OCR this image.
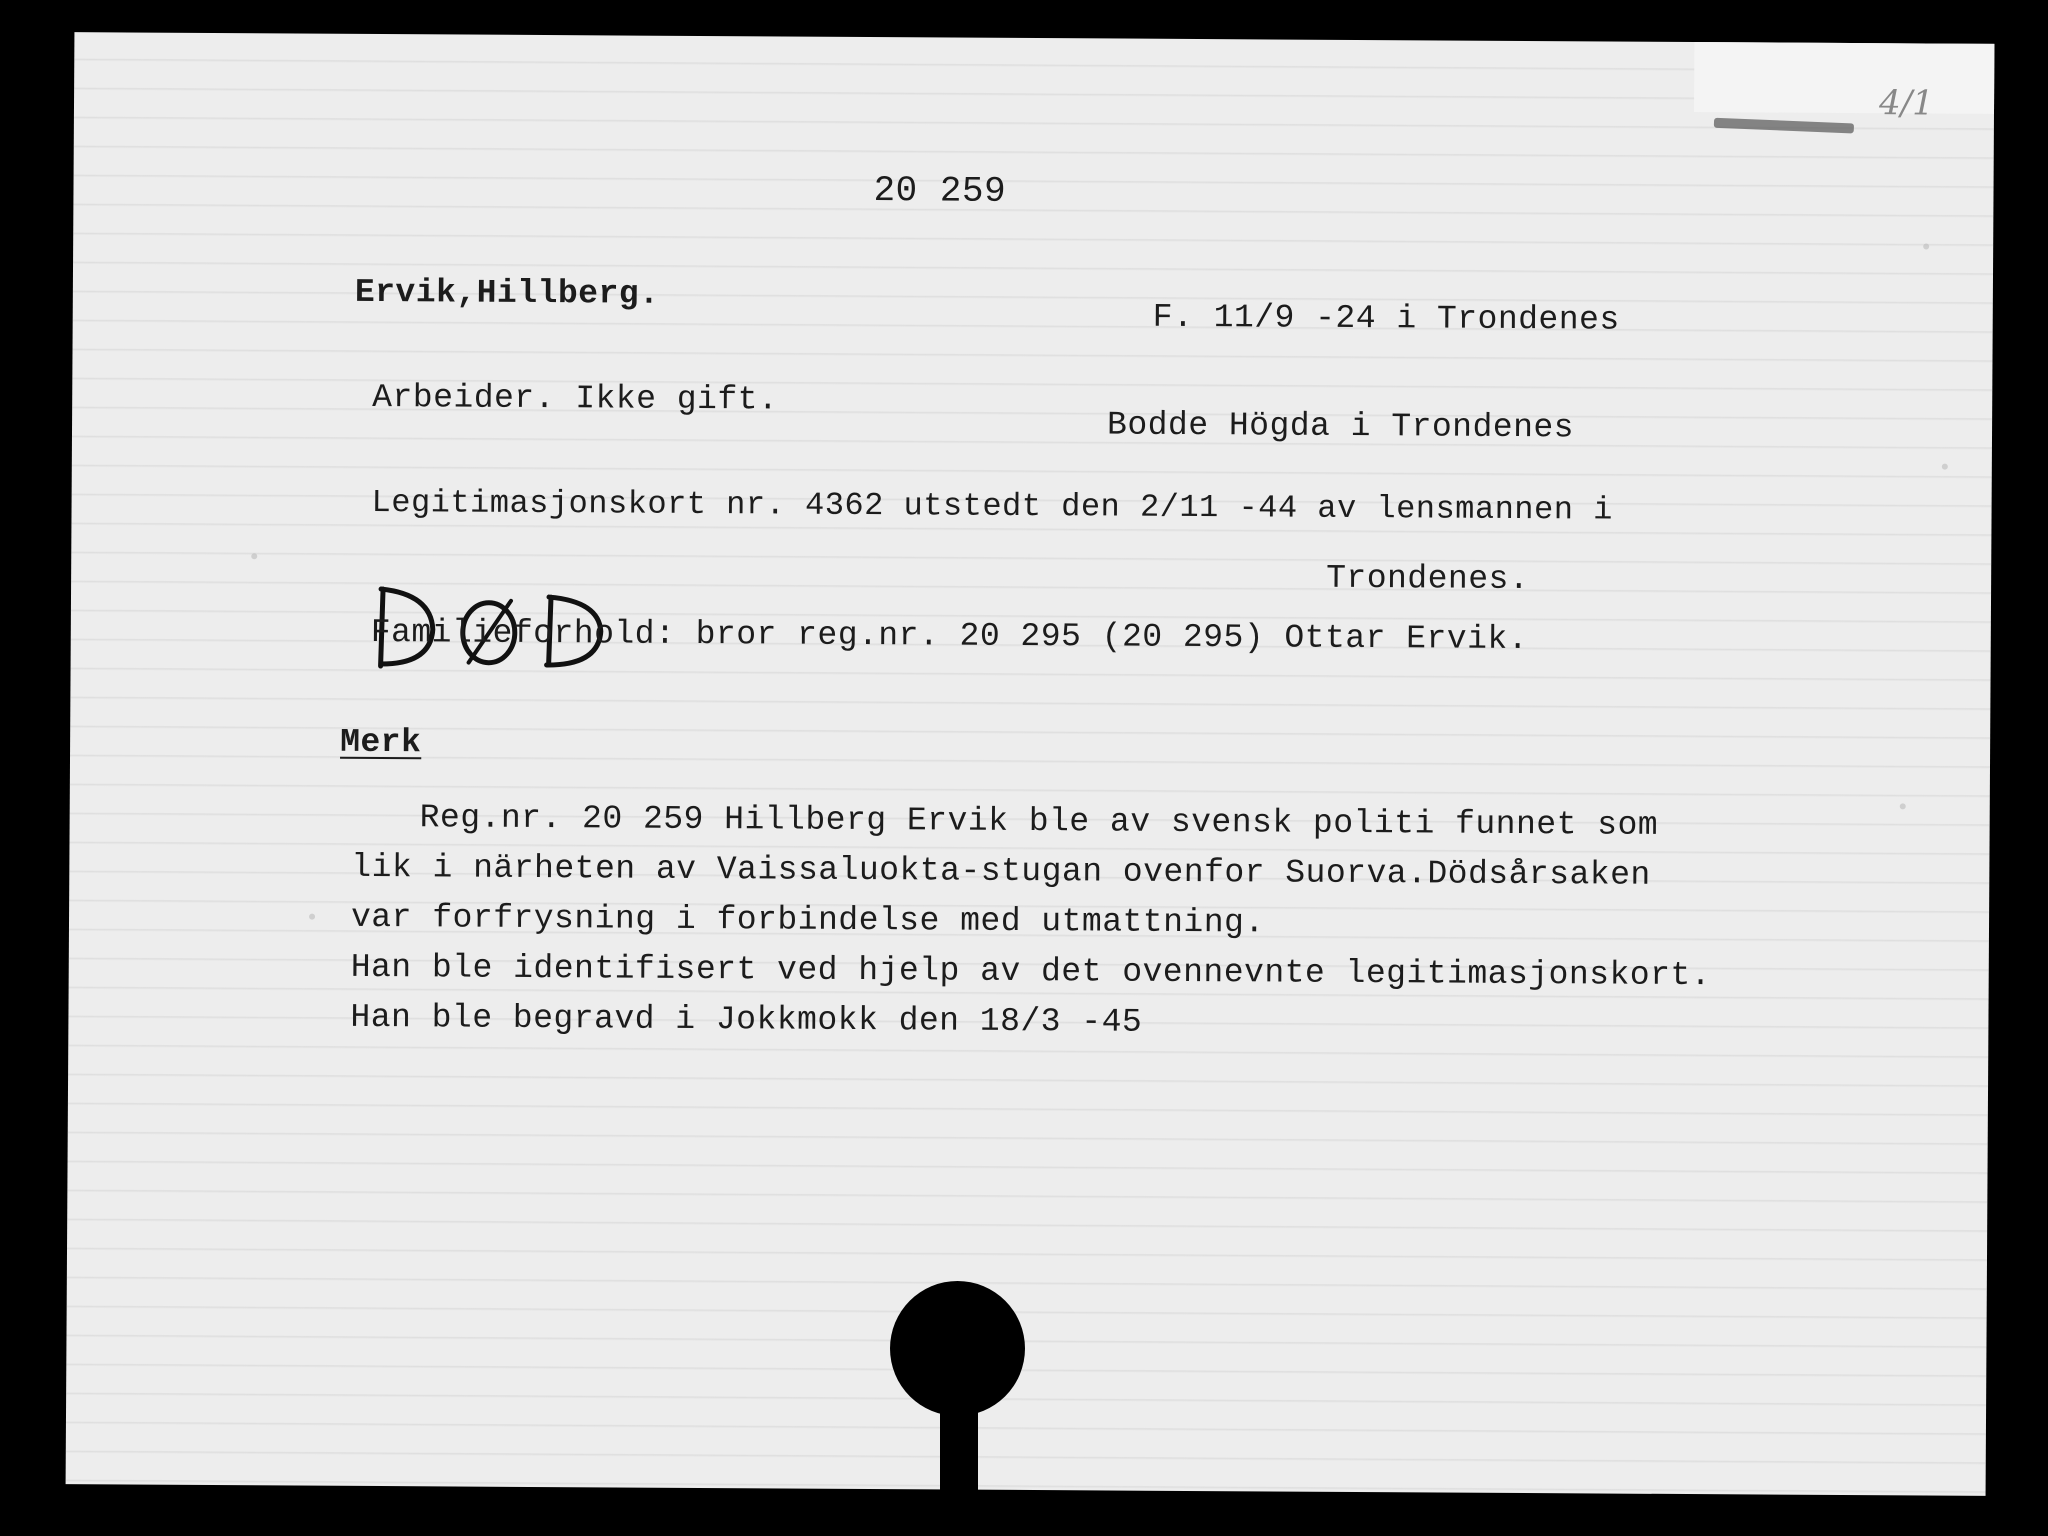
4/1
20 259
Ervik,Hillberg.
F. 11/9 -24 i Trondenes
Arbeider. Ikke gift.
Bodde Högda i Trondenes
Legitimasjonskort nr. 4362 utstedt den 2/11 -44 av lensmannen i
Trondenes.
Familieforhold: bror reg.nr. 20 295 (20 295) Ottar Ervik.
Merk
Reg.nr. 20 259 Hillberg Ervik ble av svensk politi funnet som
lik i närheten av Vaissaluokta-stugan ovenfor Suorva.Dödsårsaken
var forfrysning i forbindelse med utmattning.
Han ble identifisert ved hjelp av det ovennevnte legitimasjonskort.
Han ble begravd i Jokkmokk den 18/3 -45
